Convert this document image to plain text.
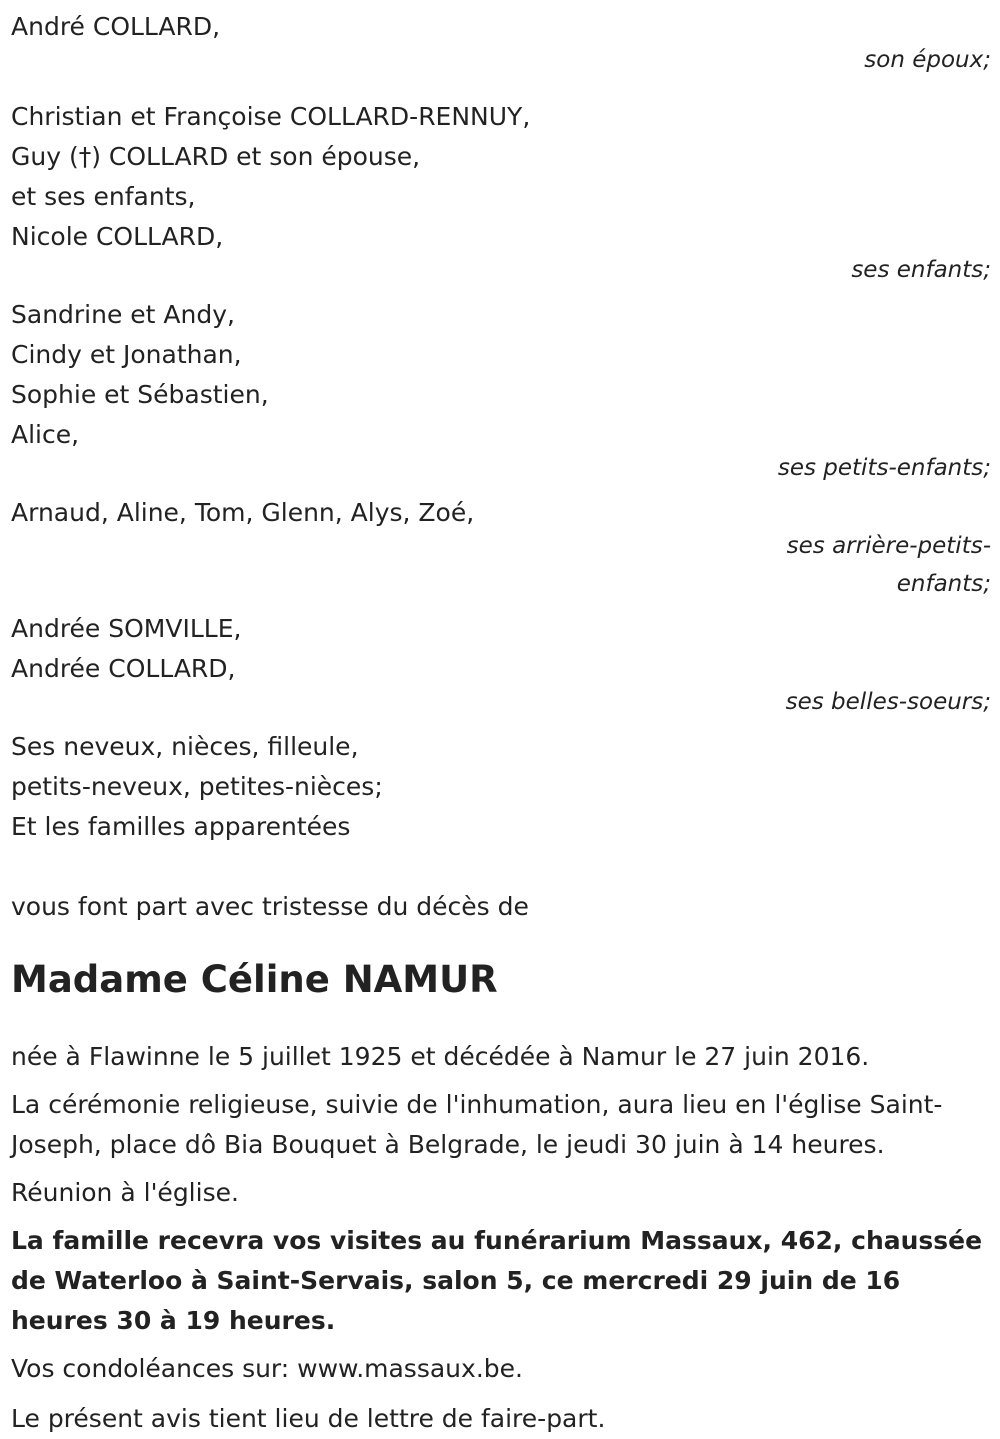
André COLLARD,
son époux;
Christian et Françoise COLLARD-RENNUY,
Guy (†) COLLARD et son épouse,
et ses enfants,
Nicole COLLARD,
ses enfants;
Sandrine et Andy,
Cindy et Jonathan,
Sophie et Sébastien,
Alice,
ses petits-enfants;
Arnaud, Aline, Tom, Glenn, Alys, Zoé,
ses arrière-petits-
enfants;
Andrée SOMVILLE,
Andrée COLLARD,
ses belles-soeurs;
Ses neveux, nièces, filleule,
petits-neveux, petites-nièces;
Et les familles apparentées
vous font part avec tristesse du décès de
Madame Céline NAMUR

née à Flawinne le 5 juillet 1925 et décédée à Namur le 27 juin 2016.

La cérémonie religieuse, suivie de l'inhumation, aura lieu en l'église Saint-Joseph, place dô Bia Bouquet à Belgrade, le jeudi 30 juin à 14 heures.

Réunion à l'église.

La famille recevra vos visites au funérarium Massaux, 462, chaussée de Waterloo à Saint-Servais, salon 5, ce mercredi 29 juin de 16 heures 30 à 19 heures.

Vos condoléances sur: www.massaux.be.

Le présent avis tient lieu de lettre de faire-part.
